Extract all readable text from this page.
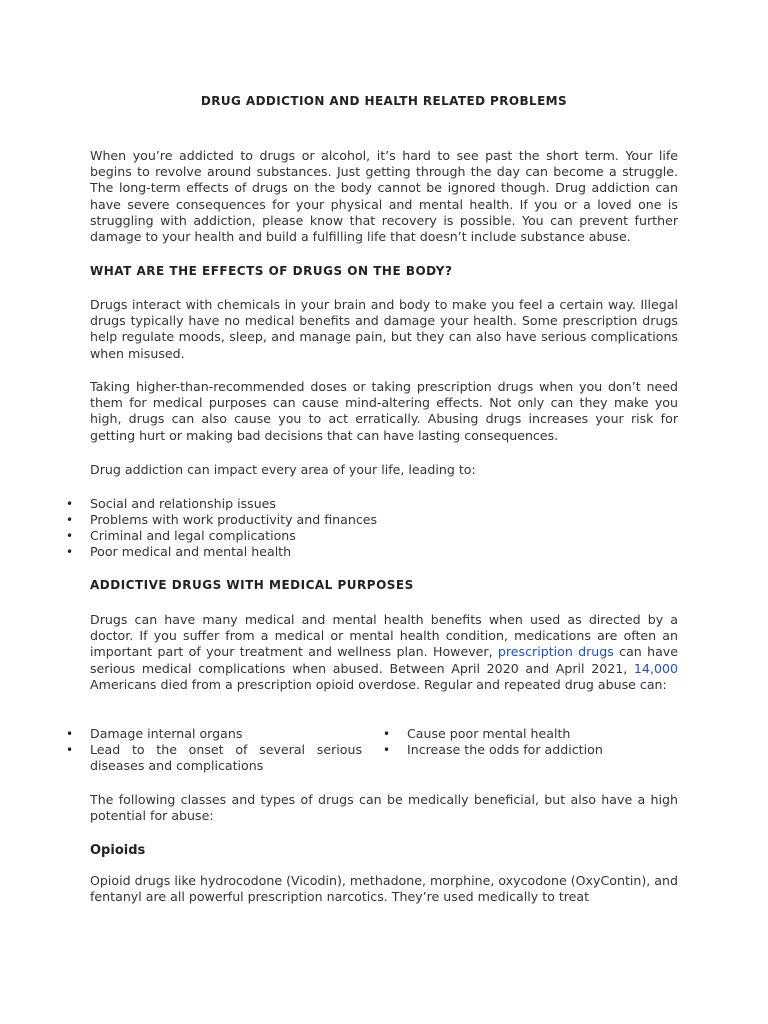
DRUG ADDICTION AND HEALTH RELATED PROBLEMS
When you’re addicted to drugs or alcohol, it’s hard to see past the short term. Your life begins to revolve around substances. Just getting through the day can become a struggle. The long-term effects of drugs on the body cannot be ignored though. Drug addiction can have severe consequences for your physical and mental health. If you or a loved one is struggling with addiction, please know that recovery is possible. You can prevent further damage to your health and build a fulfilling life that doesn’t include substance abuse.
WHAT ARE THE EFFECTS OF DRUGS ON THE BODY?
Drugs interact with chemicals in your brain and body to make you feel a certain way. Illegal drugs typically have no medical benefits and damage your health. Some prescription drugs help regulate moods, sleep, and manage pain, but they can also have serious complications when misused.
Taking higher-than-recommended doses or taking prescription drugs when you don’t need them for medical purposes can cause mind-altering effects. Not only can they make you high, drugs can also cause you to act erratically. Abusing drugs increases your risk for getting hurt or making bad decisions that can have lasting consequences.
Drug addiction can impact every area of your life, leading to:
• Social and relationship issues
• Problems with work productivity and finances
• Criminal and legal complications
• Poor medical and mental health
ADDICTIVE DRUGS WITH MEDICAL PURPOSES
Drugs can have many medical and mental health benefits when used as directed by a doctor. If you suffer from a medical or mental health condition, medications are often an important part of your treatment and wellness plan. However, prescription drugs can have serious medical complications when abused. Between April 2020 and April 2021, 14,000 Americans died from a prescription opioid overdose. Regular and repeated drug abuse can:
• Damage internal organs
• Lead to the onset of several serious diseases and complications
• Cause poor mental health
• Increase the odds for addiction
The following classes and types of drugs can be medically beneficial, but also have a high potential for abuse:
Opioids
Opioid drugs like hydrocodone (Vicodin), methadone, morphine, oxycodone (OxyContin), and fentanyl are all powerful prescription narcotics. They’re used medically to treat
